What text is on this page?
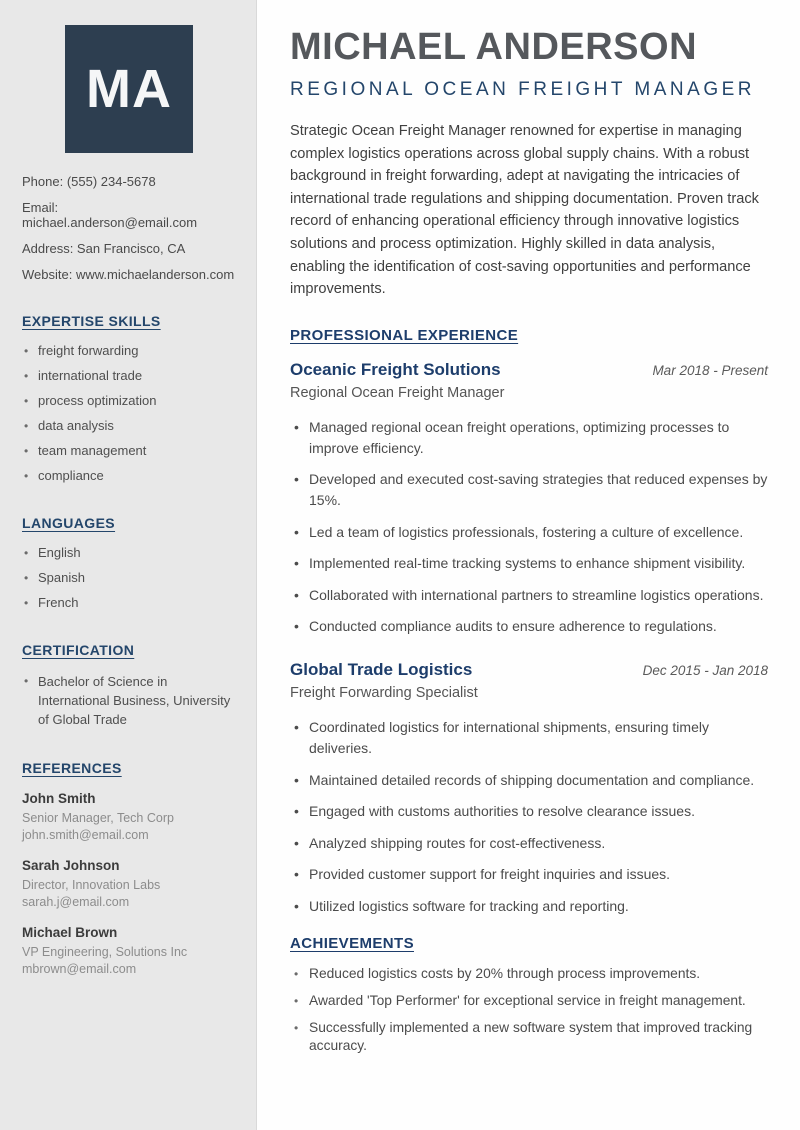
MA
Phone: (555) 234-5678
Email: michael.anderson@email.com
Address: San Francisco, CA
Website: www.michaelanderson.com
EXPERTISE SKILLS
• freight forwarding
• international trade
• process optimization
• data analysis
• team management
• compliance
LANGUAGES
• English
• Spanish
• French
CERTIFICATION
• Bachelor of Science in International Business, University of Global Trade
REFERENCES
John Smith
Senior Manager, Tech Corp
john.smith@email.com
Sarah Johnson
Director, Innovation Labs
sarah.j@email.com
Michael Brown
VP Engineering, Solutions Inc
mbrown@email.com
MICHAEL ANDERSON
REGIONAL OCEAN FREIGHT MANAGER

Strategic Ocean Freight Manager renowned for expertise in managing complex logistics operations across global supply chains. With a robust background in freight forwarding, adept at navigating the intricacies of international trade regulations and shipping documentation. Proven track record of enhancing operational efficiency through innovative logistics solutions and process optimization. Highly skilled in data analysis, enabling the identification of cost-saving opportunities and performance improvements.

PROFESSIONAL EXPERIENCE
Oceanic Freight Solutions	Mar 2018 - Present
Regional Ocean Freight Manager
• Managed regional ocean freight operations, optimizing processes to improve efficiency.
• Developed and executed cost-saving strategies that reduced expenses by 15%.
• Led a team of logistics professionals, fostering a culture of excellence.
• Implemented real-time tracking systems to enhance shipment visibility.
• Collaborated with international partners to streamline logistics operations.
• Conducted compliance audits to ensure adherence to regulations.
Global Trade Logistics	Dec 2015 - Jan 2018
Freight Forwarding Specialist
• Coordinated logistics for international shipments, ensuring timely deliveries.
• Maintained detailed records of shipping documentation and compliance.
• Engaged with customs authorities to resolve clearance issues.
• Analyzed shipping routes for cost-effectiveness.
• Provided customer support for freight inquiries and issues.
• Utilized logistics software for tracking and reporting.
ACHIEVEMENTS
• Reduced logistics costs by 20% through process improvements.
• Awarded 'Top Performer' for exceptional service in freight management.
• Successfully implemented a new software system that improved tracking accuracy.
